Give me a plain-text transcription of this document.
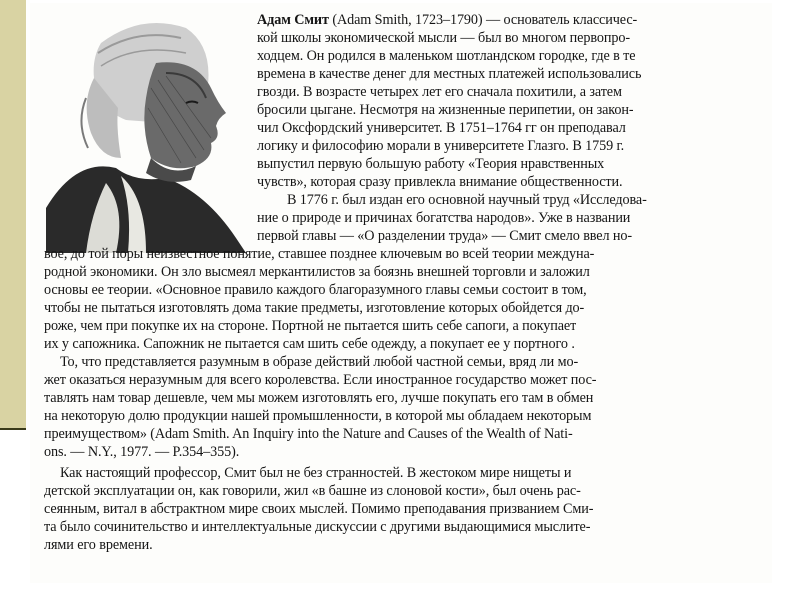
Адам Смит (Adam Smith, 1723–1790) — основатель классичес-
кой школы экономической мысли — был во многом первопро-
ходцем. Он родился в маленьком шотландском городке, где в те
времена в качестве денег для местных платежей использовались
гвозди. В возрасте четырех лет его сначала похитили, а затем
бросили цыгане. Несмотря на жизненные перипетии, он закон-
чил Оксфордский университет. В 1751–1764 гг он преподавал
логику и философию морали в университете Глазго. В 1759 г.
выпустил первую большую работу «Теория нравственных
чувств», которая сразу привлекла внимание общественности.
В 1776 г. был издан его основной научный труд «Исследова-
ние о природе и причинах богатства народов». Уже в названии
первой главы — «О разделении труда» — Смит смело ввел но-
вое, до той поры неизвестное понятие, ставшее позднее ключевым во всей теории междуна-
родной экономики. Он зло высмеял меркантилистов за боязнь внешней торговли и заложил
основы ее теории. «Основное правило каждого благоразумного главы семьи состоит в том,
чтобы не пытаться изготовлять дома такие предметы, изготовление которых обойдется до-
роже, чем при покупке их на стороне. Портной не пытается шить себе сапоги, а покупает
их у сапожника. Сапожник не пытается сам шить себе одежду, а покупает ее у портного .
То, что представляется разумным в образе действий любой частной семьи, вряд ли мо-
жет оказаться неразумным для всего королевства. Если иностранное государство может пос-
тавлять нам товар дешевле, чем мы можем изготовлять его, лучше покупать его там в обмен
на некоторую долю продукции нашей промышленности, в которой мы обладаем некоторым
преимуществом» (Adam Smith. An Inquiry into the Nature and Causes of the Wealth of Nati-
ons. — N.Y., 1977. — P.354–355).
Как настоящий профессор, Смит был не без странностей. В жестоком мире нищеты и
детской эксплуатации он, как говорили, жил «в башне из слоновой кости», был очень рас-
сеянным, витал в абстрактном мире своих мыслей. Помимо преподавания призванием Сми-
та было сочинительство и интеллектуальные дискуссии с другими выдающимися мыслите-
лями его времени.
